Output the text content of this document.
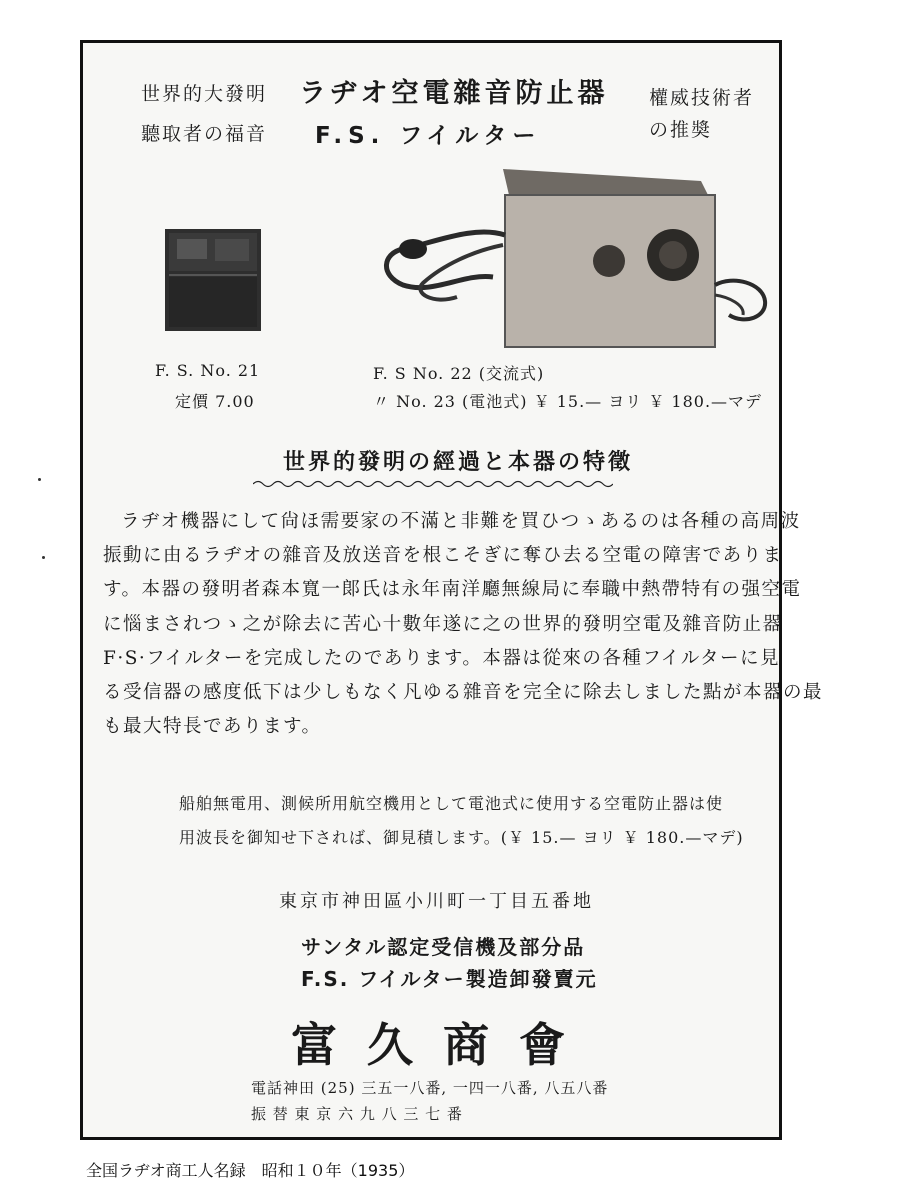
世界的大發明
聽取者の福音
ラヂオ空電雜音防止器
F.S. フイルター
權威技術者
の推奬
F. S. No. 21
定價 7.00
F. S No. 22 (交流式)
〃 No. 23 (電池式) ￥ 15.— ヨリ ￥ 180.—マデ
世界的發明の經過と本器の特徵
ラヂオ機器にして尙ほ需要家の不滿と非難を買ひつゝあるのは各種の高周波
振動に由るラヂオの雜音及放送音を根こそぎに奪ひ去る空電の障害でありま
す。本器の發明者森本寬一郞氏は永年南洋廳無線局に奉職中熱帶特有の强空電
に惱まされつゝ之が除去に苦心十數年遂に之の世界的發明空電及雜音防止器
F·S·フイルターを完成したのであります。本器は從來の各種フイルターに見
る受信器の感度低下は少しもなく凡ゆる雜音を完全に除去しました點が本器の最
も最大特長であります。
船舶無電用、測候所用航空機用として電池式に使用する空電防止器は使
用波長を御知せ下されば、御見積します。(￥ 15.— ヨリ ￥ 180.—マデ)
東京市神田區小川町一丁目五番地
サンタル認定受信機及部分品
F.S. フイルター製造卸發賣元
富久商會
電話神田 (25) 三五一八番, 一四一八番, 八五八番
振 替 東 京 六 九 八 三 七 番
全国ラヂオ商工人名録　昭和１０年（1935）
